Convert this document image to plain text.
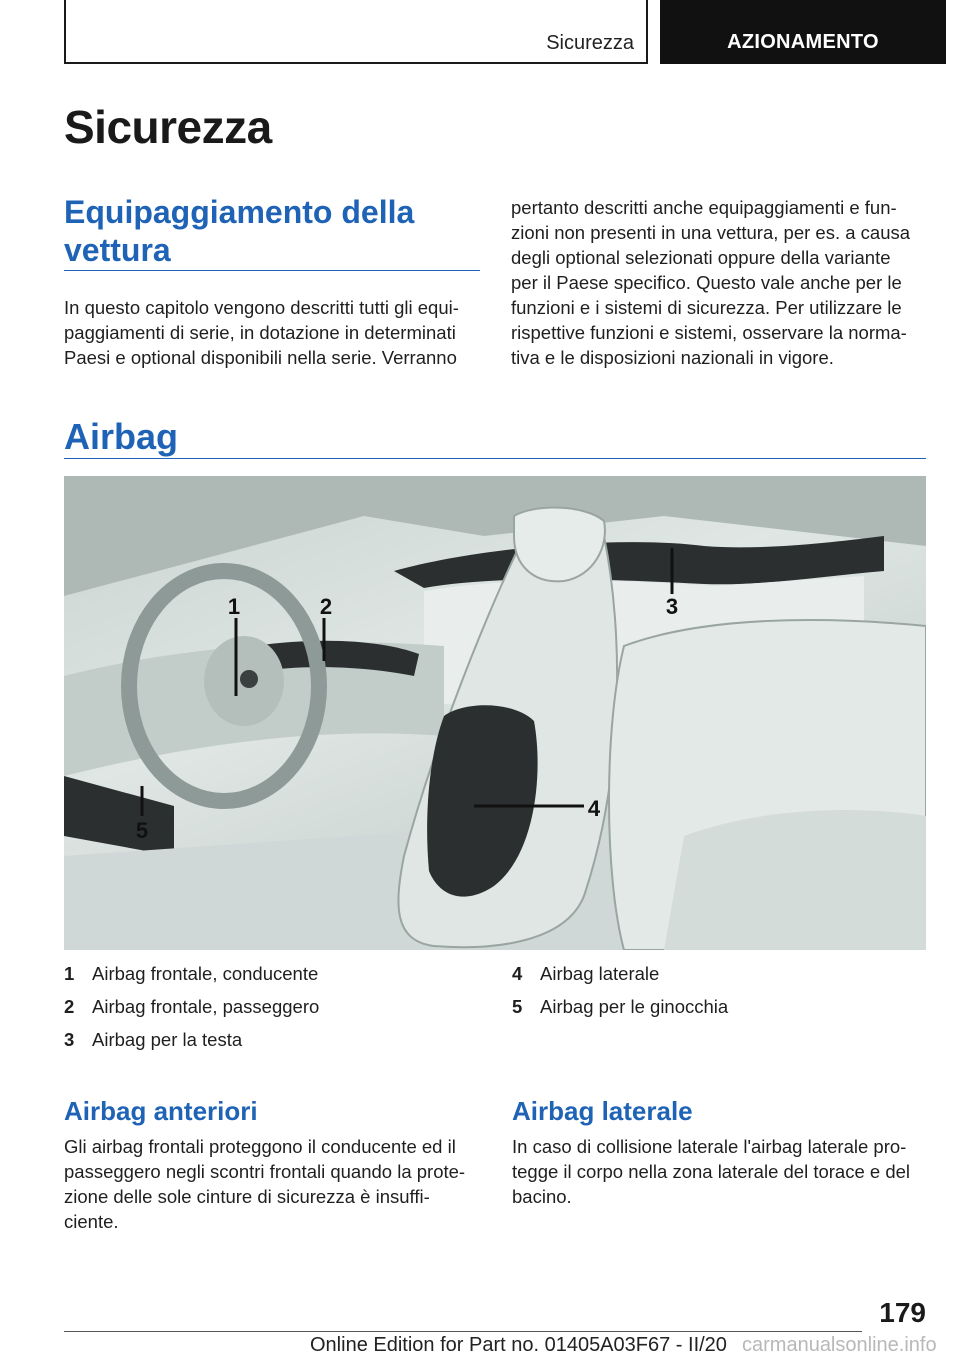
Sicurezza	AZIONAMENTO
Sicurezza
Equipaggiamento della vettura
In questo capitolo vengono descritti tutti gli equi-
paggiamenti di serie, in dotazione in determinati
Paesi e optional disponibili nella serie. Verranno
pertanto descritti anche equipaggiamenti e fun-
zioni non presenti in una vettura, per es. a causa
degli optional selezionati oppure della variante
per il Paese specifico. Questo vale anche per le
funzioni e i sistemi di sicurezza. Per utilizzare le
rispettive funzioni e sistemi, osservare la norma-
tiva e le disposizioni nazionali in vigore.
Airbag
1	2	3
4
5
1 Airbag frontale, conducente
2 Airbag frontale, passeggero
3 Airbag per la testa
4 Airbag laterale
5 Airbag per le ginocchia
Airbag anteriori
Gli airbag frontali proteggono il conducente ed il
passeggero negli scontri frontali quando la prote-
zione delle sole cinture di sicurezza è insuffi-
ciente.
Airbag laterale
In caso di collisione laterale l'airbag laterale pro-
tegge il corpo nella zona laterale del torace e del
bacino.
179
Online Edition for Part no. 01405A03F67 - II/20 carmanualsonline.info
